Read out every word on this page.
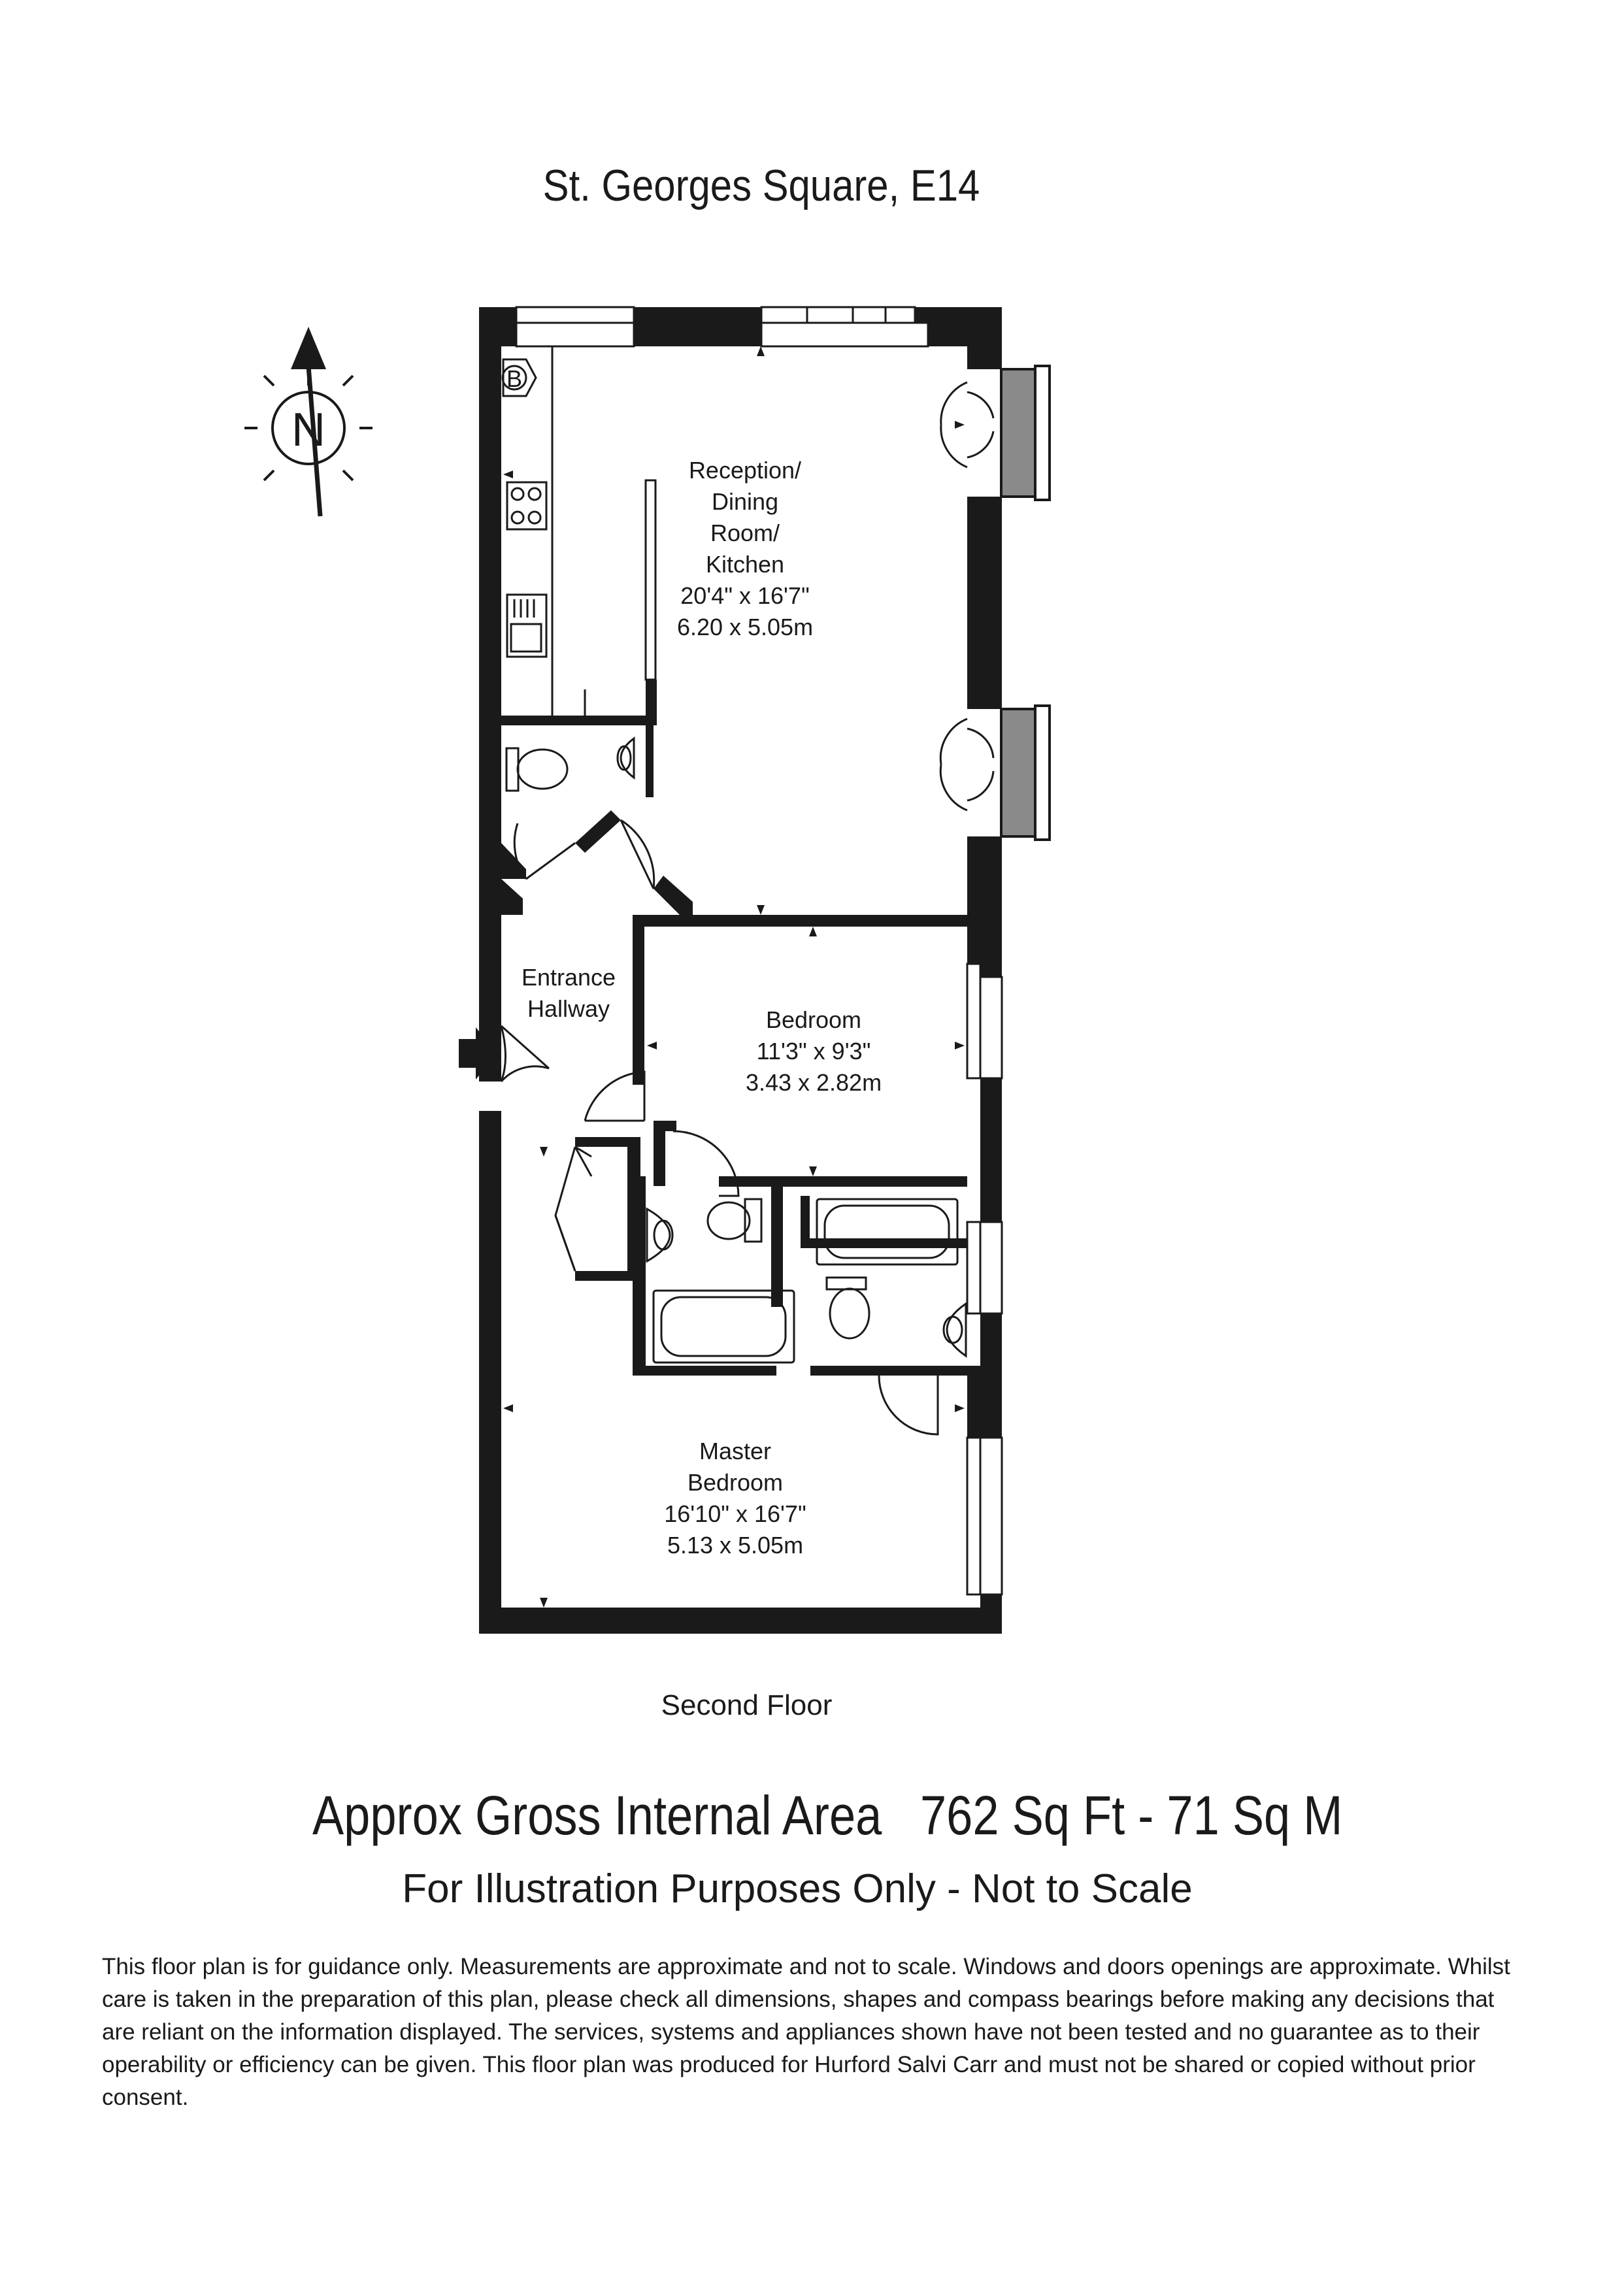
St. Georges Square, E14
N
B
Reception/
Dining
Room/
Kitchen
20'4" x 16'7"
6.20 x 5.05m
Entrance
Hallway	Bedroom
11'3" x 9'3"
3.43 x 2.82m
Master
Bedroom
16'10" x 16'7"
5.13 x 5.05m
Second Floor
Approx Gross Internal Area 762 Sq Ft - 71 Sq M
For Illustration Purposes Only - Not to Scale
This floor plan is for guidance only. Measurements are approximate and not to scale. Windows and doors openings are approximate. Whilst care is taken in the preparation of this plan, please check all dimensions, shapes and compass bearings before making any decisions that are reliant on the information displayed. The services, systems and appliances shown have not been tested and no guarantee as to their operability or efficiency can be given. This floor plan was produced for Hurford Salvi Carr and must not be shared or copied without prior consent.
